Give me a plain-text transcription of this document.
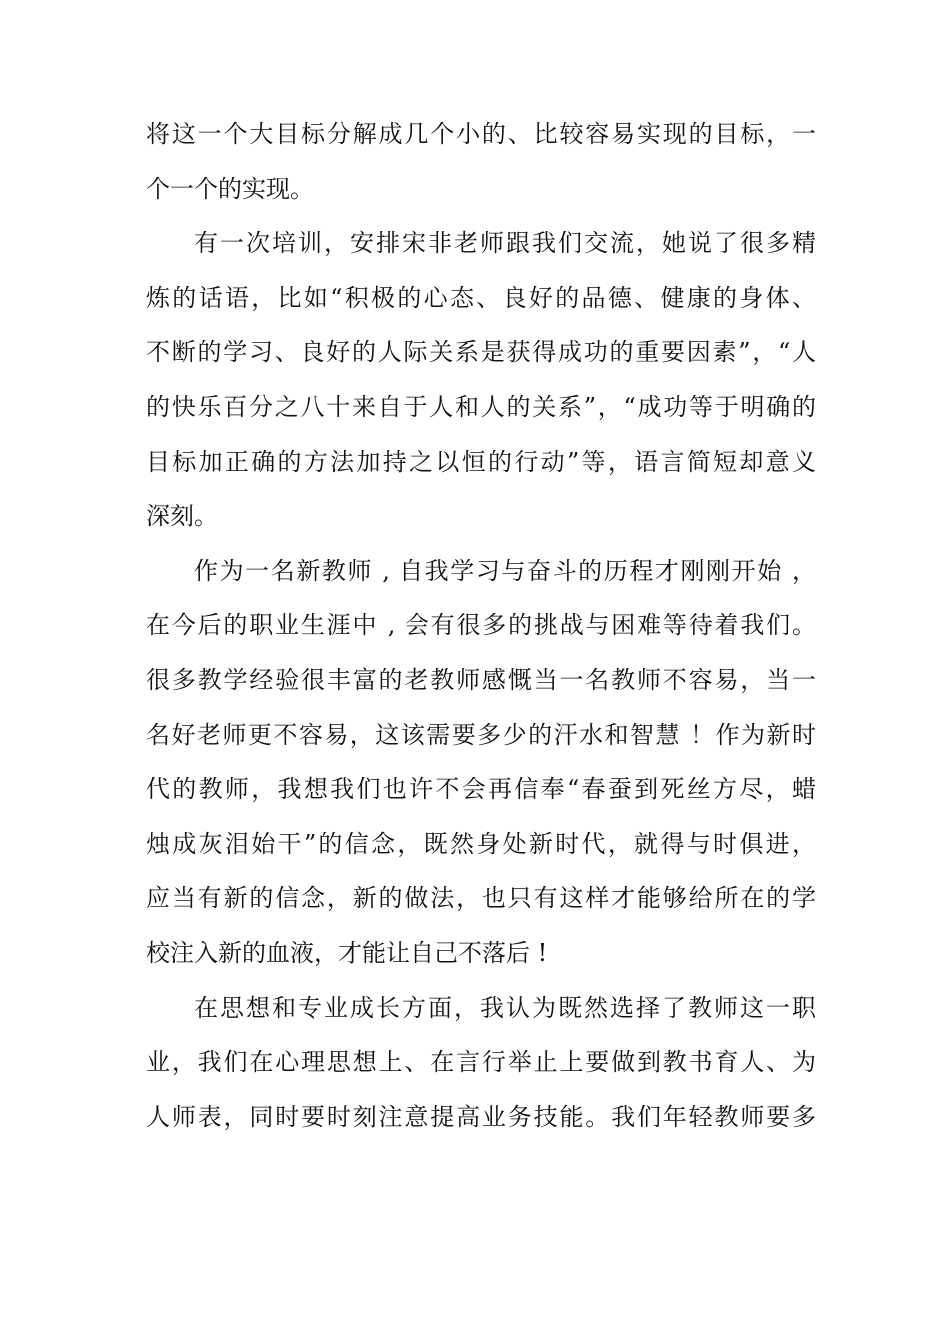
将这一个大目标分解成几个小的、比较容易实现的目标，一
个一个的实现。
有一次培训，安排宋非老师跟我们交流，她说了很多精
炼的话语，比如“积极的心态、良好的品德、健康的身体、
不断的学习、良好的人际关系是获得成功的重要因素”，“人
的快乐百分之八十来自于人和人的关系”，“成功等于明确的
目标加正确的方法加持之以恒的行动”等，语言简短却意义
深刻。
作为一名新教师 , 自我学习与奋斗的历程才刚刚开始 ，
在今后的职业生涯中 , 会有很多的挑战与困难等待着我们。
很多教学经验很丰富的老教师感慨当一名教师不容易，当一
名好老师更不容易，这该需要多少的汗水和智慧 ！作为新时
代的教师，我想我们也许不会再信奉“春蚕到死丝方尽，蜡
烛成灰泪始干”的信念，既然身处新时代，就得与时俱进，
应当有新的信念，新的做法，也只有这样才能够给所在的学
校注入新的血液，才能让自己不落后 !
在思想和专业成长方面，我认为既然选择了教师这一职
业，我们在心理思想上、在言行举止上要做到教书育人、为
人师表，同时要时刻注意提高业务技能。我们年轻教师要多
